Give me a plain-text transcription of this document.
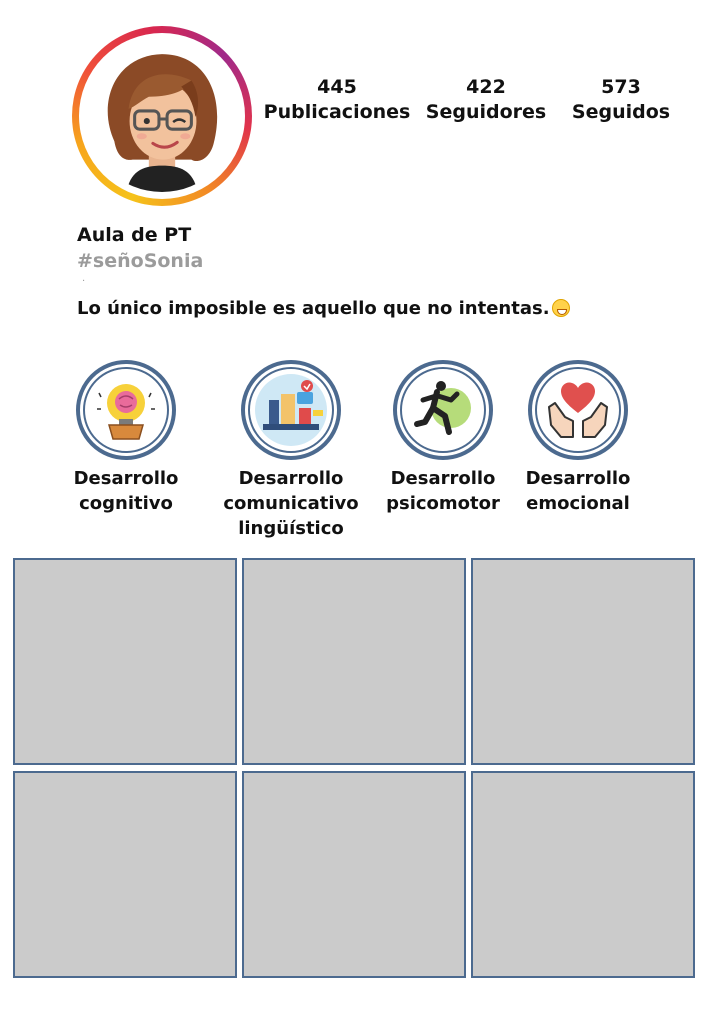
445
Publicaciones
422
Seguidores
573
Seguidos
Aula de PT
#señoSonia
·
Lo único imposible es aquello que no intentas.
Desarrollo
cognitivo
Desarrollo
comunicativo
lingüístico
Desarrollo
psicomotor
Desarrollo
emocional
